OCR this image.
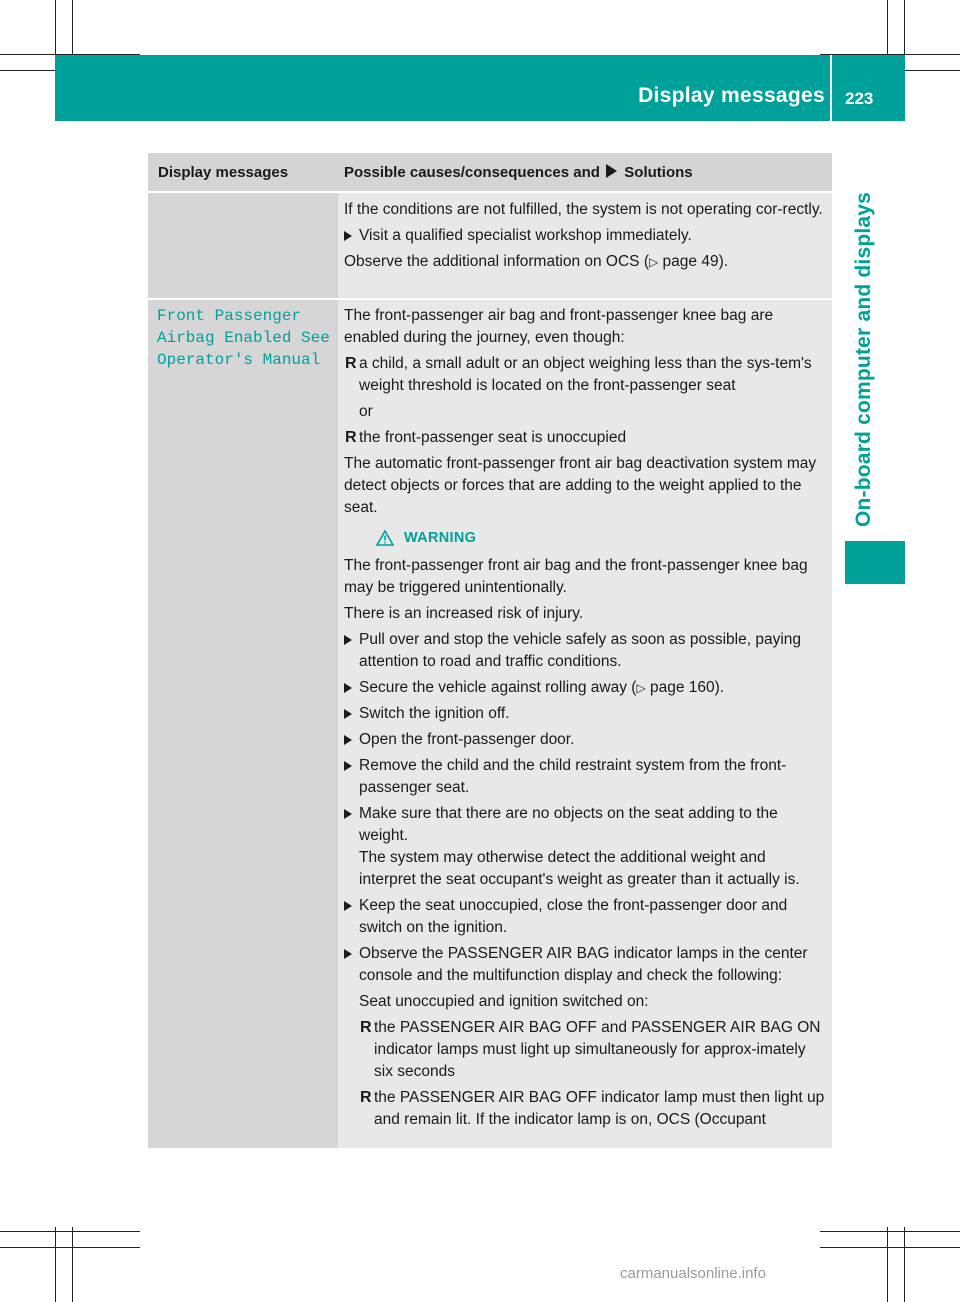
Display messages 223
On-board computer and displays
Display messages	Possible causes/consequences and Solutions

If the conditions are not fulfilled, the system is not operating cor-rectly.

Visit a qualified specialist workshop immediately.

Observe the additional information on OCS (▷ page 49).

Front Passenger
Airbag Enabled See
Operator's Manual

The front-passenger air bag and front-passenger knee bag are enabled during the journey, even though:

R a child, a small adult or an object weighing less than the sys-tem's weight threshold is located on the front-passenger seat
or
R the front-passenger seat is unoccupied

The automatic front-passenger front air bag deactivation system may detect objects or forces that are adding to the weight applied to the seat.

WARNING

The front-passenger front air bag and the front-passenger knee bag may be triggered unintentionally.

There is an increased risk of injury.

Pull over and stop the vehicle safely as soon as possible, paying attention to road and traffic conditions.
Secure the vehicle against rolling away (▷ page 160).
Switch the ignition off.
Open the front-passenger door.
Remove the child and the child restraint system from the front-passenger seat.
Make sure that there are no objects on the seat adding to the weight.
The system may otherwise detect the additional weight and interpret the seat occupant's weight as greater than it actually is.
Keep the seat unoccupied, close the front-passenger door and switch on the ignition.
Observe the PASSENGER AIR BAG indicator lamps in the center console and the multifunction display and check the following:
Seat unoccupied and ignition switched on:
R the PASSENGER AIR BAG OFF and PASSENGER AIR BAG ON indicator lamps must light up simultaneously for approx-imately six seconds
R the PASSENGER AIR BAG OFF indicator lamp must then light up and remain lit. If the indicator lamp is on, OCS (Occupant
carmanualsonline.info
